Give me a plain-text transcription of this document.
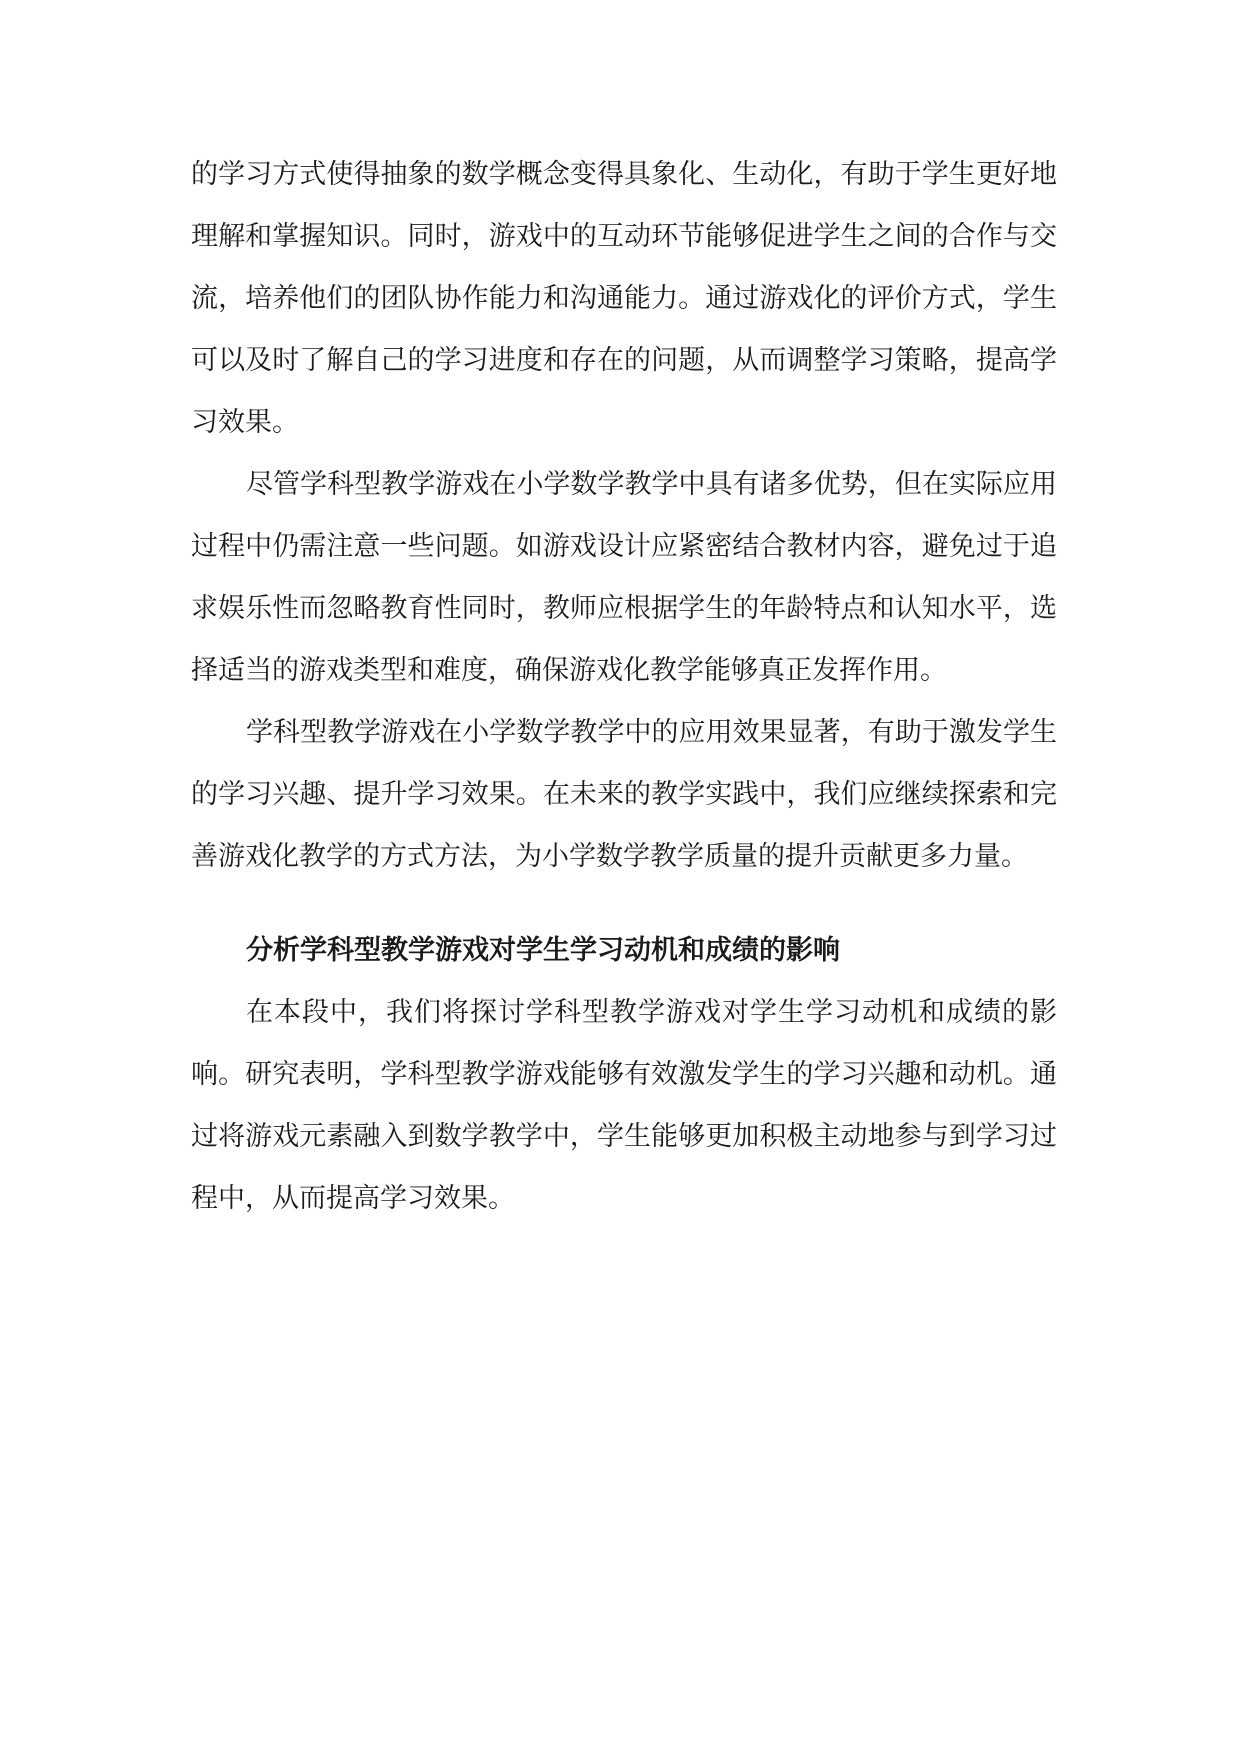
的学习方式使得抽象的数学概念变得具象化、生动化，有助于学生更好地理解和掌握知识。同时，游戏中的互动环节能够促进学生之间的合作与交流，培养他们的团队协作能力和沟通能力。通过游戏化的评价方式，学生可以及时了解自己的学习进度和存在的问题，从而调整学习策略，提高学习效果。

尽管学科型教学游戏在小学数学教学中具有诸多优势，但在实际应用过程中仍需注意一些问题。如游戏设计应紧密结合教材内容，避免过于追求娱乐性而忽略教育性同时，教师应根据学生的年龄特点和认知水平，选择适当的游戏类型和难度，确保游戏化教学能够真正发挥作用。

学科型教学游戏在小学数学教学中的应用效果显著，有助于激发学生的学习兴趣、提升学习效果。在未来的教学实践中，我们应继续探索和完善游戏化教学的方式方法，为小学数学教学质量的提升贡献更多力量。

分析学科型教学游戏对学生学习动机和成绩的影响

在本段中，我们将探讨学科型教学游戏对学生学习动机和成绩的影响。研究表明，学科型教学游戏能够有效激发学生的学习兴趣和动机。通过将游戏元素融入到数学教学中，学生能够更加积极主动地参与到学习过程中，从而提高学习效果。
